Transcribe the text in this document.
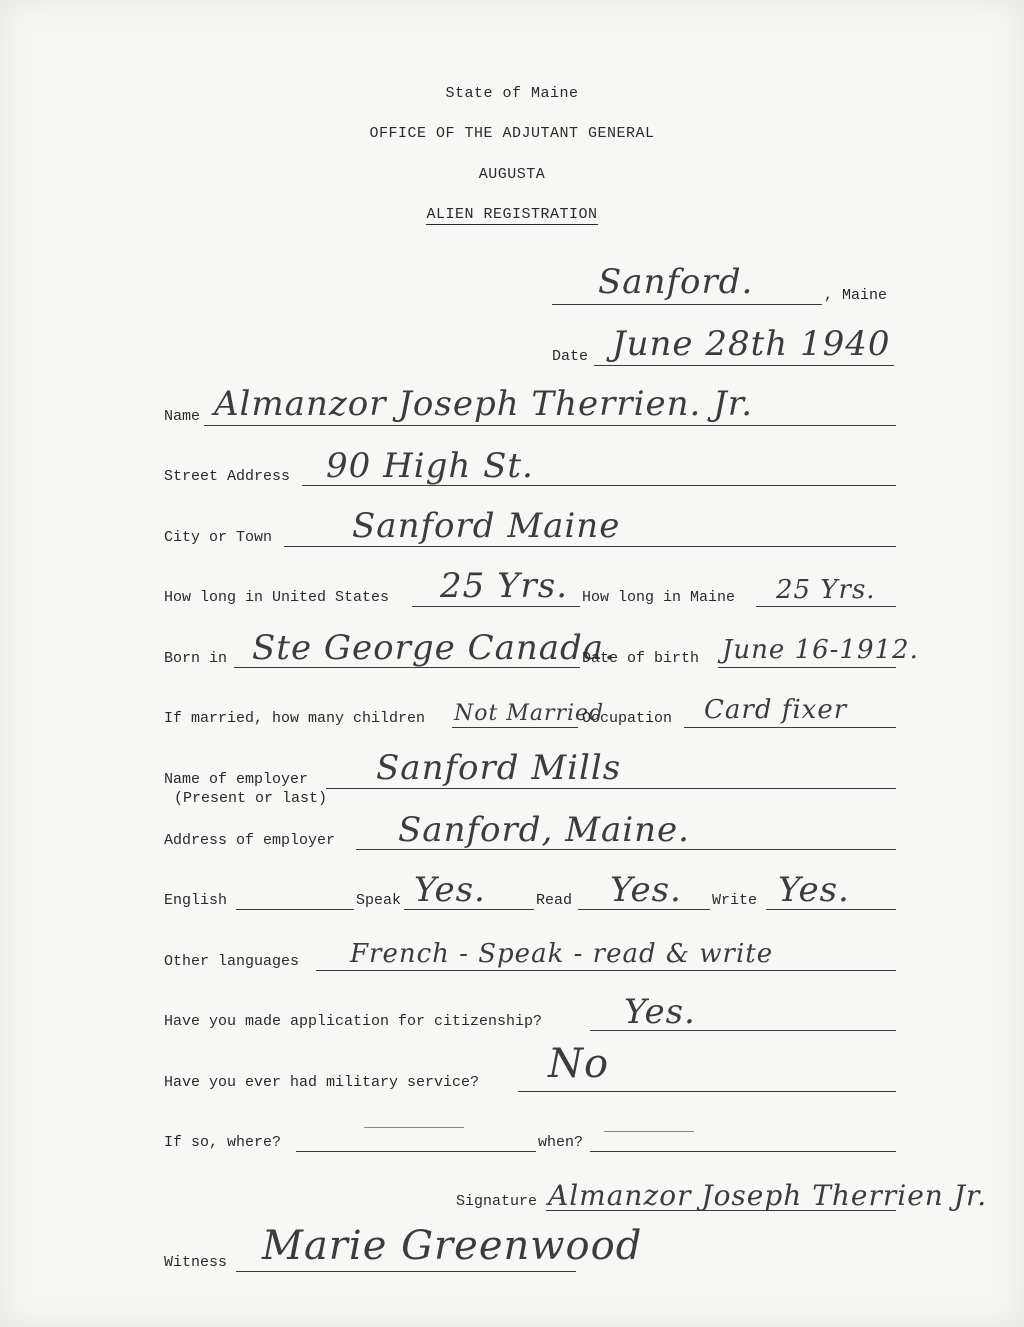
State of Maine
OFFICE OF THE ADJUTANT GENERAL
AUGUSTA
ALIEN REGISTRATION
Sanford.	, Maine
Date June 28th 1940
Name Almanzor Joseph Therrien. Jr.
Street Address 90 High St.
City or Town Sanford Maine
How long in United States 25 Yrs. How long in Maine 25 Yrs.
Born in Ste George Canada.
Date of birth June 16-1912.
If married, how many children Not Married
Occupation Card fixer
Name of employer
(Present or last)
Sanford Mills
Address of employer Sanford, Maine.
English	Speak Yes.	Read Yes. Write Yes.
Other languages French - Speak - read & write
Have you made application for citizenship? Yes.
Have you ever had military service? No
If so, where?	when?
Signature Almanzor Joseph Therrien Jr.
Witness Marie Greenwood
